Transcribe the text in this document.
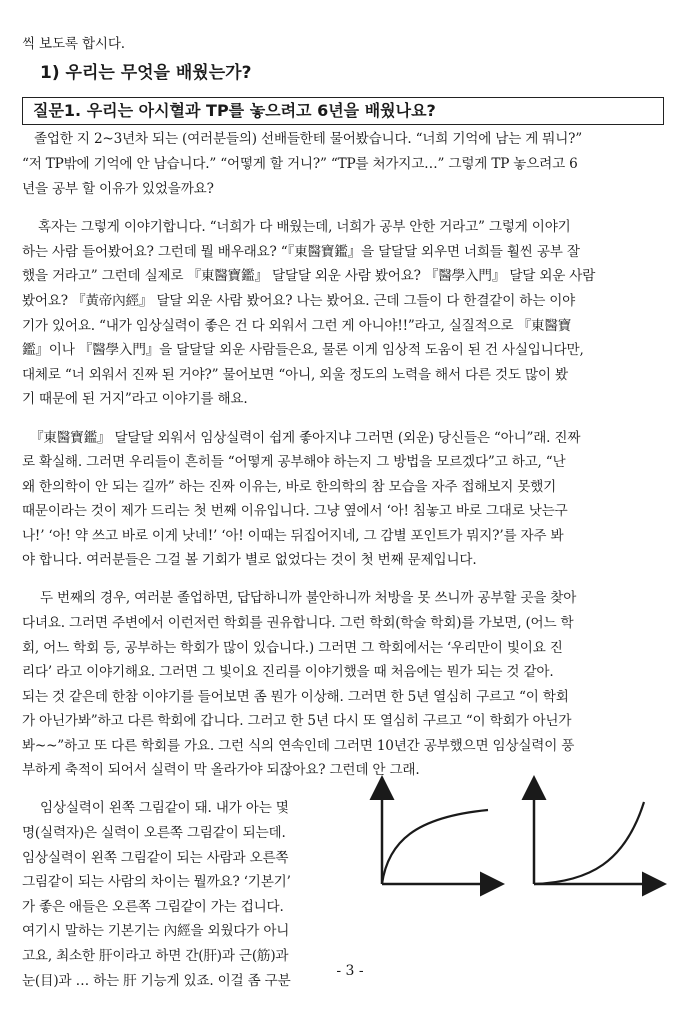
씩 보도록 합시다.
1) 우리는 무엇을 배웠는가?
질문1. 우리는 아시혈과 TP를 놓으려고 6년을 배웠나요?
졸업한 지 2~3년차 되는 (여러분들의) 선배들한테 물어봤습니다. “너희 기억에 남는 게 뭐니?”
“저 TP밖에 기억에 안 남습니다.” “어떻게 할 거니?” “TP를 처가지고…” 그렇게 TP 놓으려고 6
년을 공부 할 이유가 있었을까요?
혹자는 그렇게 이야기합니다. “너희가 다 배웠는데, 너희가 공부 안한 거라고” 그렇게 이야기
하는 사람 들어봤어요? 그런데 뭘 배우래요? “『東醫寶鑑』을 달달달 외우면 너희들 훨씬 공부 잘
했을 거라고” 그런데 실제로 『東醫寶鑑』 달달달 외운 사람 봤어요? 『醫學入門』 달달 외운 사람
봤어요? 『黃帝內經』 달달 외운 사람 봤어요? 나는 봤어요. 근데 그들이 다 한결같이 하는 이야
기가 있어요. “내가 임상실력이 좋은 건 다 외워서 그런 게 아니야!!”라고, 실질적으로 『東醫寶
鑑』이나 『醫學入門』을 달달달 외운 사람들은요, 물론 이게 임상적 도움이 된 건 사실입니다만,
대체로 “너 외워서 진짜 된 거야?” 물어보면 “아니, 외울 정도의 노력을 해서 다른 것도 많이 봤
기 때문에 된 거지”라고 이야기를 해요.
『東醫寶鑑』 달달달 외워서 임상실력이 쉽게 좋아지냐 그러면 (외운) 당신들은 “아니”래. 진짜
로 확실해. 그러면 우리들이 흔히들 “어떻게 공부해야 하는지 그 방법을 모르겠다”고 하고, “난
왜 한의학이 안 되는 길까” 하는 진짜 이유는, 바로 한의학의 참 모습을 자주 접해보지 못했기
때문이라는 것이 제가 드리는 첫 번째 이유입니다. 그냥 옆에서 ‘아! 침놓고 바로 그대로 낫는구
나!’ ‘아! 약 쓰고 바로 이게 낫네!’ ‘아! 이때는 뒤집어지네, 그 감별 포인트가 뭐지?’를 자주 봐
야 합니다. 여러분들은 그걸 볼 기회가 별로 없었다는 것이 첫 번째 문제입니다.
두 번째의 경우, 여러분 졸업하면, 답답하니까 불안하니까 처방을 못 쓰니까 공부할 곳을 찾아
다녀요. 그러면 주변에서 이런저런 학회를 권유합니다. 그런 학회(학술 학회)를 가보면, (어느 학
회, 어느 학회 등, 공부하는 학회가 많이 있습니다.) 그러면 그 학회에서는 ‘우리만이 빛이요 진
리다’ 라고 이야기해요. 그러면 그 빛이요 진리를 이야기했을 때 처음에는 뭔가 되는 것 같아.
되는 것 같은데 한참 이야기를 들어보면 좀 뭔가 이상해. 그러면 한 5년 열심히 구르고 “이 학회
가 아닌가봐”하고 다른 학회에 갑니다. 그러고 한 5년 다시 또 열심히 구르고 “이 학회가 아닌가
봐~~”하고 또 다른 학회를 가요. 그런 식의 연속인데 그러면 10년간 공부했으면 임상실력이 풍
부하게 축적이 되어서 실력이 막 올라가야 되잖아요? 그런데 안 그래.
임상실력이 왼쪽 그림같이 돼. 내가 아는 몇
명(실력자)은 실력이 오른쪽 그림같이 되는데.
임상실력이 왼쪽 그림같이 되는 사람과 오른쪽
그림같이 되는 사람의 차이는 뭘까요? ‘기본기’
가 좋은 애들은 오른쪽 그림같이 가는 겁니다.
여기시 말하는 기본기는 內經을 외웠다가 아니
고요, 최소한 肝이라고 하면 간(肝)과 근(筋)과
눈(目)과 … 하는 肝 기능게 있죠. 이걸 좀 구분
- 3 -
